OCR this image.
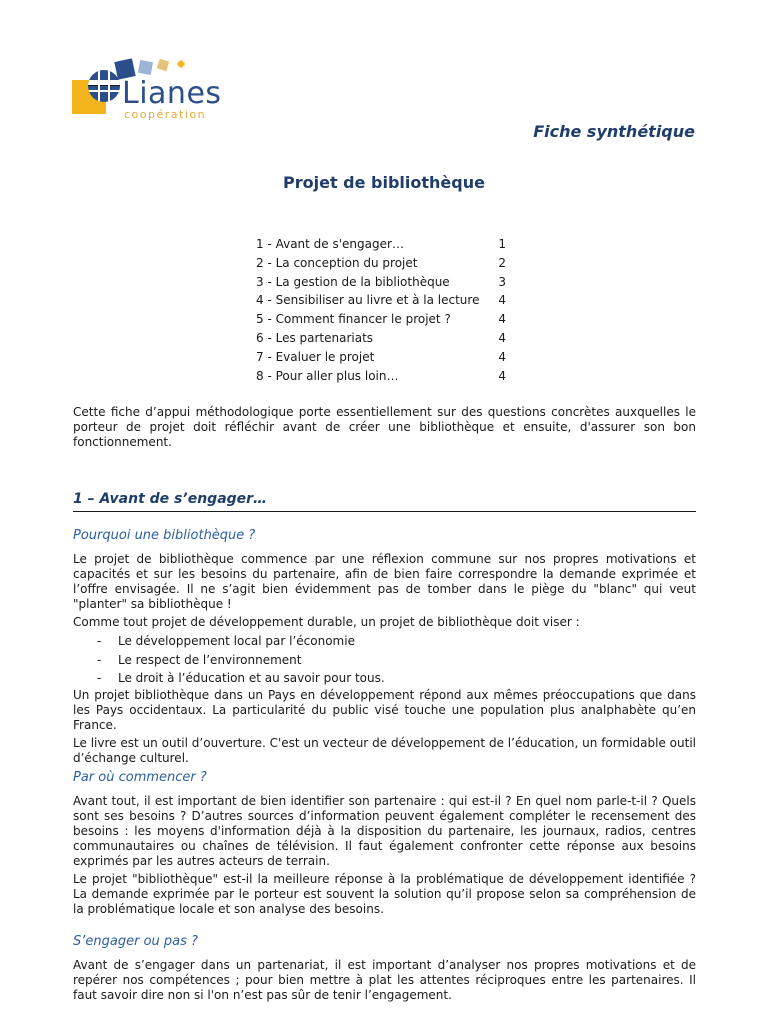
Lianes
coopération
Fiche synthétique
Projet de bibliothèque
1 - Avant de s'engager…	1
2 - La conception du projet	2
3 - La gestion de la bibliothèque	3
4 - Sensibiliser au livre et à la lecture	4
5 - Comment financer le projet ?	4
6 - Les partenariats	4
7 - Evaluer le projet	4
8 - Pour aller plus loin…	4

Cette fiche d’appui méthodologique porte essentiellement sur des questions concrètes auxquelles le porteur de projet doit réfléchir avant de créer une bibliothèque et ensuite, d'assurer son bon fonctionnement.

1 – Avant de s’engager…

Pourquoi une bibliothèque ?

Le projet de bibliothèque commence par une réflexion commune sur nos propres motivations et capacités et sur les besoins du partenaire, afin de bien faire correspondre la demande exprimée et l’offre envisagée. Il ne s’agit bien évidemment pas de tomber dans le piège du "blanc" qui veut "planter" sa bibliothèque !

Comme tout projet de développement durable, un projet de bibliothèque doit viser :

- Le développement local par l’économie
- Le respect de l’environnement
- Le droit à l’éducation et au savoir pour tous.

Un projet bibliothèque dans un Pays en développement répond aux mêmes préoccupations que dans les Pays occidentaux. La particularité du public visé touche une population plus analphabète qu’en France.

Le livre est un outil d’ouverture. C'est un vecteur de développement de l’éducation, un formidable outil d’échange culturel.

Par où commencer ?

Avant tout, il est important de bien identifier son partenaire : qui est-il ? En quel nom parle-t-il ? Quels sont ses besoins ? D’autres sources d’information peuvent également compléter le recensement des besoins : les moyens d'information déjà à la disposition du partenaire, les journaux, radios, centres communautaires ou chaînes de télévision. Il faut également confronter cette réponse aux besoins exprimés par les autres acteurs de terrain.

Le projet "bibliothèque" est-il la meilleure réponse à la problématique de développement identifiée ? La demande exprimée par le porteur est souvent la solution qu’il propose selon sa compréhension de la problématique locale et son analyse des besoins.

S’engager ou pas ?

Avant de s’engager dans un partenariat, il est important d’analyser nos propres motivations et de repérer nos compétences ; pour bien mettre à plat les attentes réciproques entre les partenaires. Il faut savoir dire non si l'on n’est pas sûr de tenir l’engagement.
